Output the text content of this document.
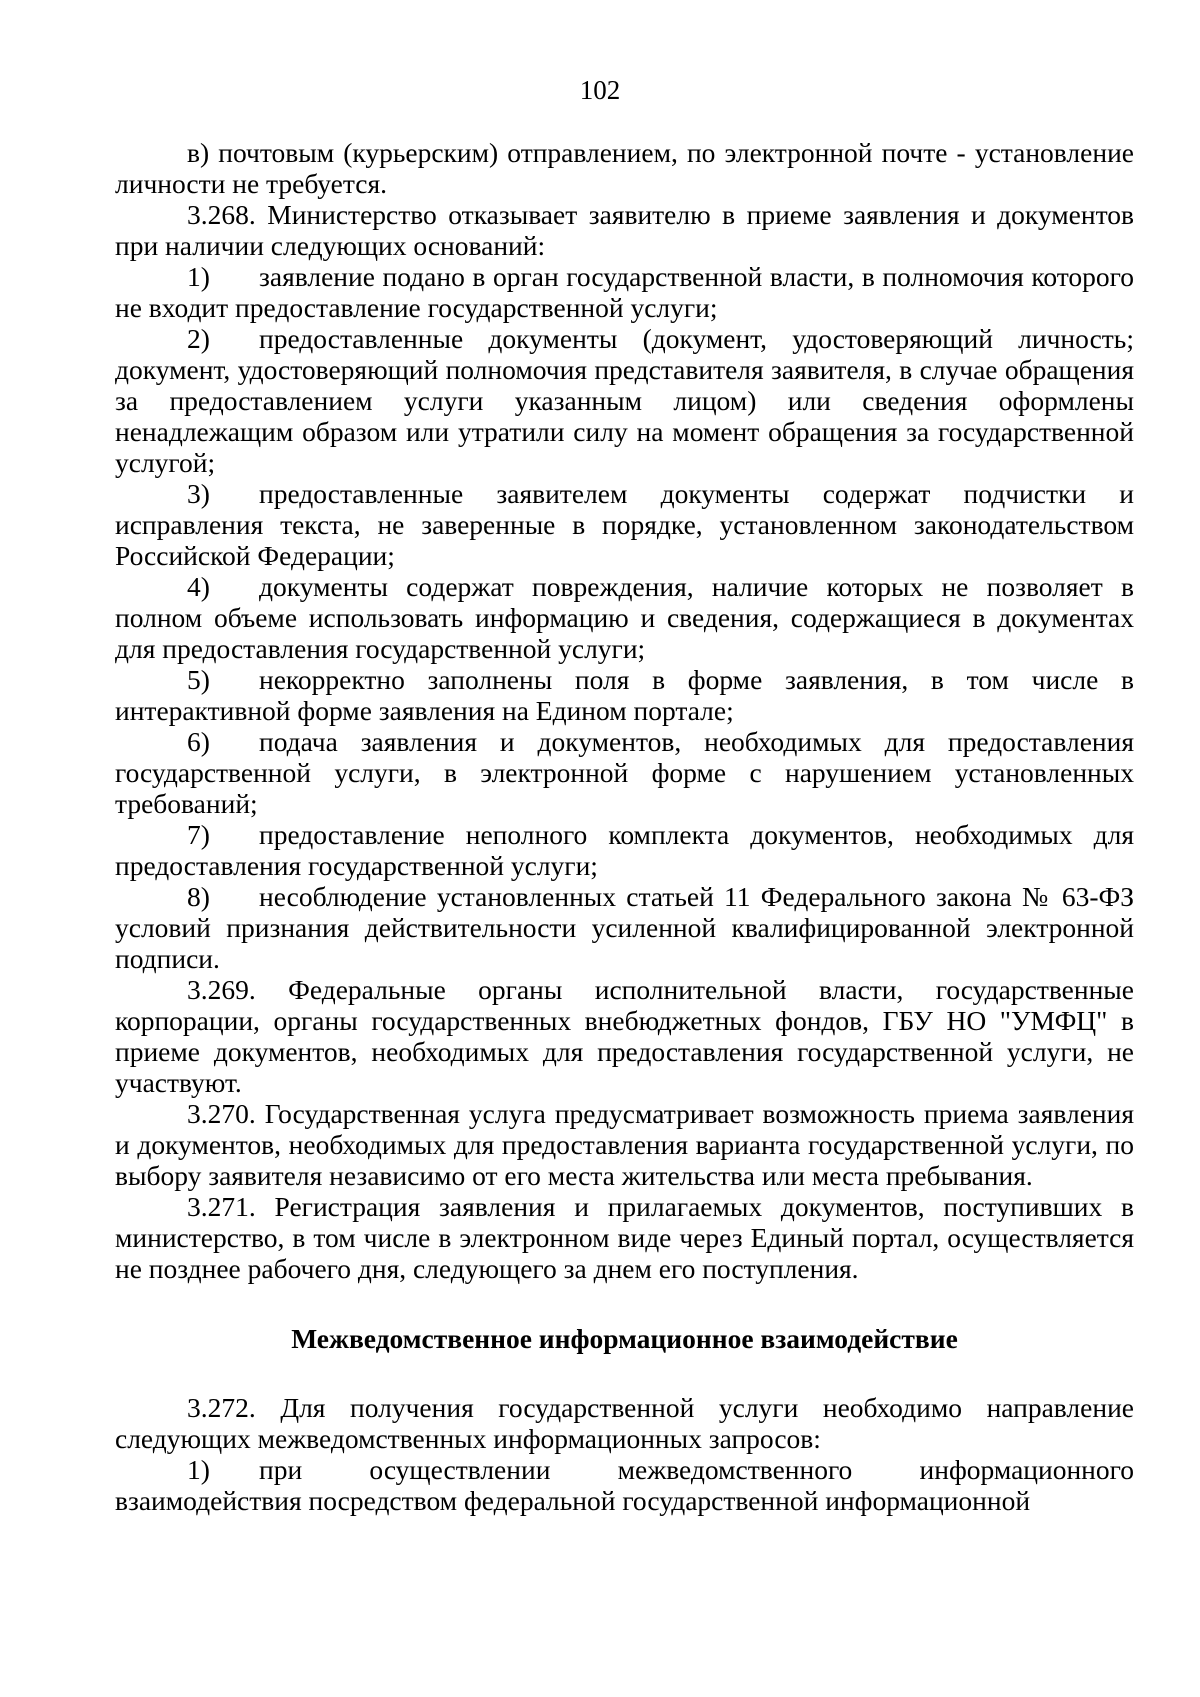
102

в) почтовым (курьерским) отправлением, по электронной почте - установление личности не требуется.

3.268. Министерство отказывает заявителю в приеме заявления и документов при наличии следующих оснований:

1) заявление подано в орган государственной власти, в полномочия которого не входит предоставление государственной услуги;

2) предоставленные документы (документ, удостоверяющий личность; документ, удостоверяющий полномочия представителя заявителя, в случае обращения за предоставлением услуги указанным лицом) или сведения оформлены ненадлежащим образом или утратили силу на момент обращения за государственной услугой;

3) предоставленные заявителем документы содержат подчистки и исправления текста, не заверенные в порядке, установленном законодательством Российской Федерации;

4) документы содержат повреждения, наличие которых не позволяет в полном объеме использовать информацию и сведения, содержащиеся в документах для предоставления государственной услуги;

5) некорректно заполнены поля в форме заявления, в том числе в интерактивной форме заявления на Едином портале;

6) подача заявления и документов, необходимых для предоставления государственной услуги, в электронной форме с нарушением установленных требований;

7) предоставление неполного комплекта документов, необходимых для предоставления государственной услуги;

8) несоблюдение установленных статьей 11 Федерального закона № 63-ФЗ условий признания действительности усиленной квалифицированной электронной подписи.

3.269. Федеральные органы исполнительной власти, государственные корпорации, органы государственных внебюджетных фондов, ГБУ НО "УМФЦ" в приеме документов, необходимых для предоставления государственной услуги, не участвуют.

3.270. Государственная услуга предусматривает возможность приема заявления и документов, необходимых для предоставления варианта государственной услуги, по выбору заявителя независимо от его места жительства или места пребывания.

3.271. Регистрация заявления и прилагаемых документов, поступивших в министерство, в том числе в электронном виде через Единый портал, осуществляется не позднее рабочего дня, следующего за днем его поступления.

Межведомственное информационное взаимодействие

3.272. Для получения государственной услуги необходимо направление следующих межведомственных информационных запросов:

1) при осуществлении межведомственного информационного взаимодействия посредством федеральной государственной информационной
